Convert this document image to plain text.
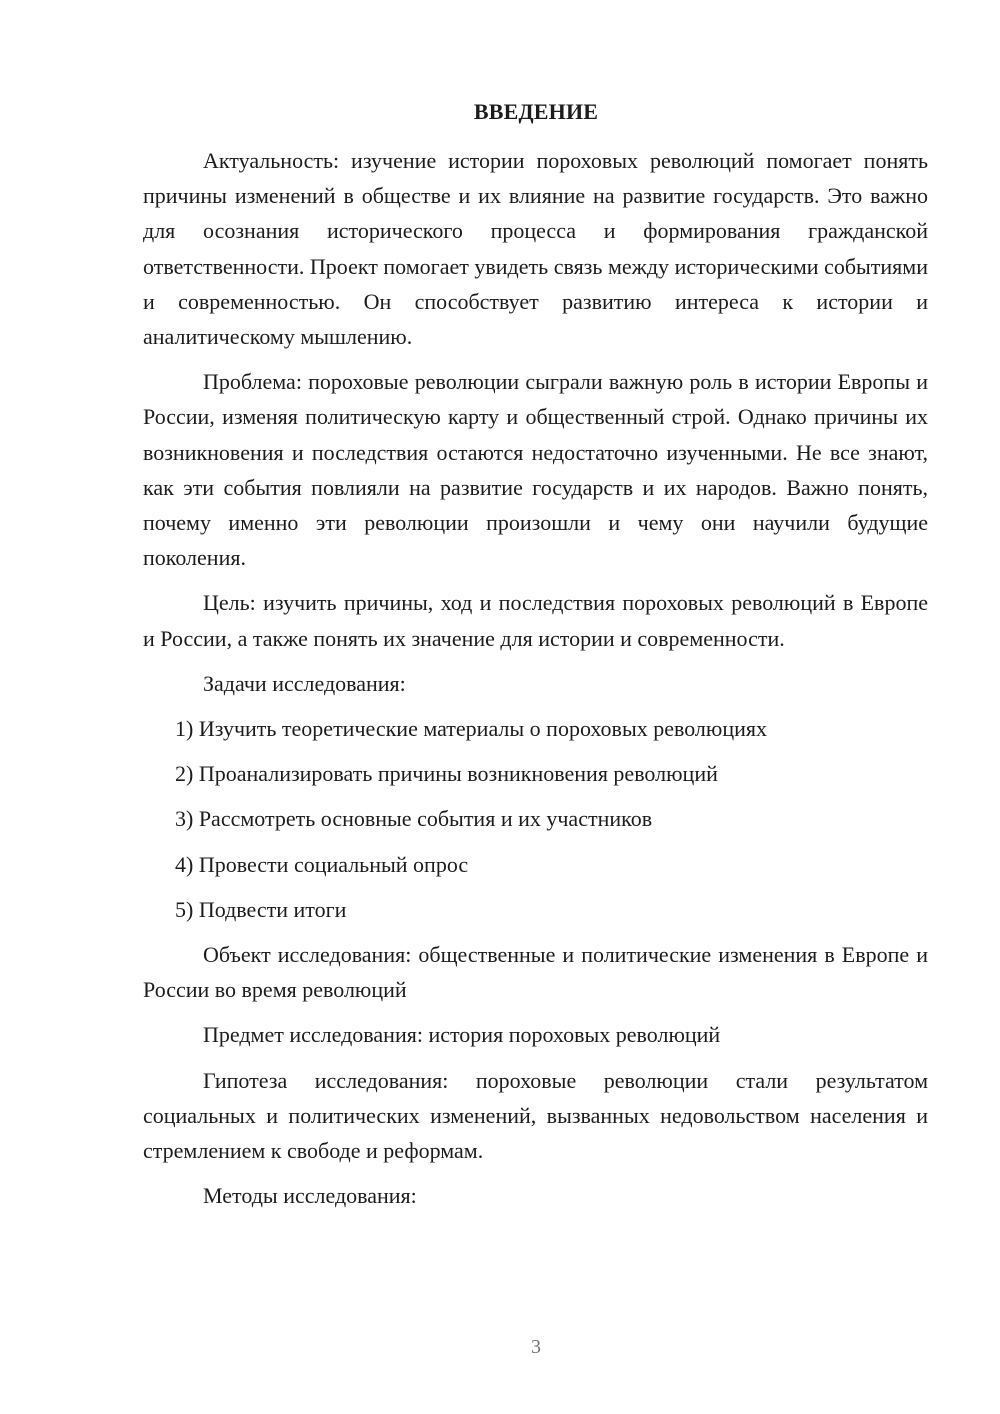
ВВЕДЕНИЕ

Актуальность: изучение истории пороховых революций помогает понять причины изменений в обществе и их влияние на развитие государств. Это важно для осознания исторического процесса и формирования гражданской ответственности. Проект помогает увидеть связь между историческими событиями и современностью. Он способствует развитию интереса к истории и аналитическому мышлению.

Проблема: пороховые революции сыграли важную роль в истории Европы и России, изменяя политическую карту и общественный строй. Однако причины их возникновения и последствия остаются недостаточно изученными. Не все знают, как эти события повлияли на развитие государств и их народов. Важно понять, почему именно эти революции произошли и чему они научили будущие поколения.

Цель: изучить причины, ход и последствия пороховых революций в Европе и России, а также понять их значение для истории и современности.

Задачи исследования:

1) Изучить теоретические материалы о пороховых революциях
2) Проанализировать причины возникновения революций
3) Рассмотреть основные события и их участников
4) Провести социальный опрос
5) Подвести итоги

Объект исследования: общественные и политические изменения в Европе и России во время революций

Предмет исследования: история пороховых революций

Гипотеза исследования: пороховые революции стали результатом социальных и политических изменений, вызванных недовольством населения и стремлением к свободе и реформам.

Методы исследования:

3
